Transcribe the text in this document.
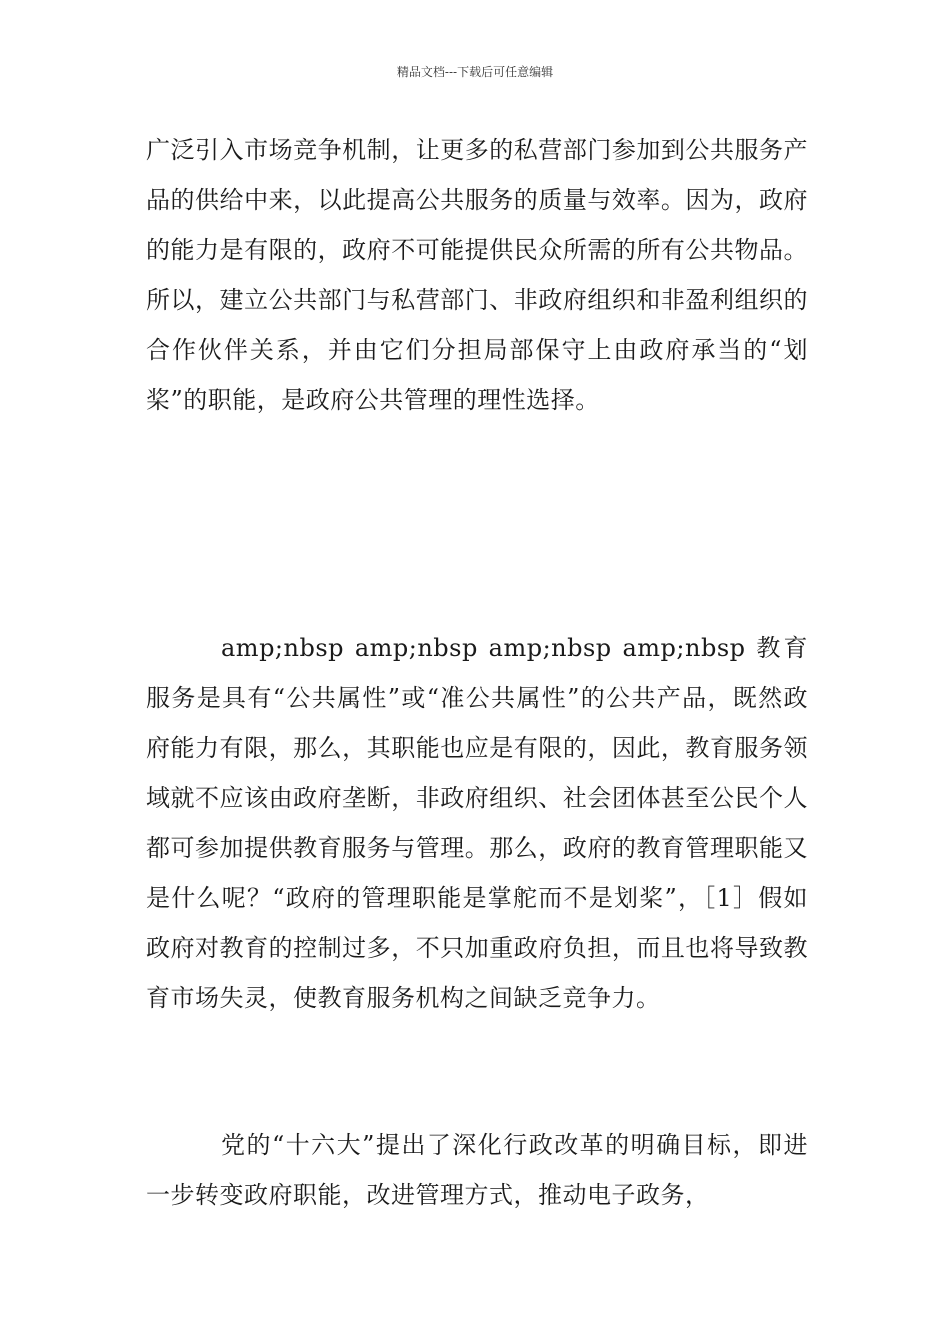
精品文档---下载后可任意编辑

广泛引入市场竞争机制，让更多的私营部门参加到公共服务产品的供给中来，以此提高公共服务的质量与效率。因为，政府的能力是有限的，政府不可能提供民众所需的所有公共物品。所以，建立公共部门与私营部门、非政府组织和非盈利组织的合作伙伴关系，并由它们分担局部保守上由政府承当的“划桨”的职能，是政府公共管理的理性选择。

amp;nbsp amp;nbsp amp;nbsp amp;nbsp 教育服务是具有“公共属性”或“准公共属性”的公共产品，既然政府能力有限，那么，其职能也应是有限的，因此，教育服务领域就不应该由政府垄断，非政府组织、社会团体甚至公民个人都可参加提供教育服务与管理。那么，政府的教育管理职能又是什么呢？“政府的管理职能是掌舵而不是划桨”，［1］假如政府对教育的控制过多，不只加重政府负担，而且也将导致教育市场失灵，使教育服务机构之间缺乏竞争力。

党的“十六大”提出了深化行政改革的明确目标，即进一步转变政府职能，改进管理方式，推动电子政务，
